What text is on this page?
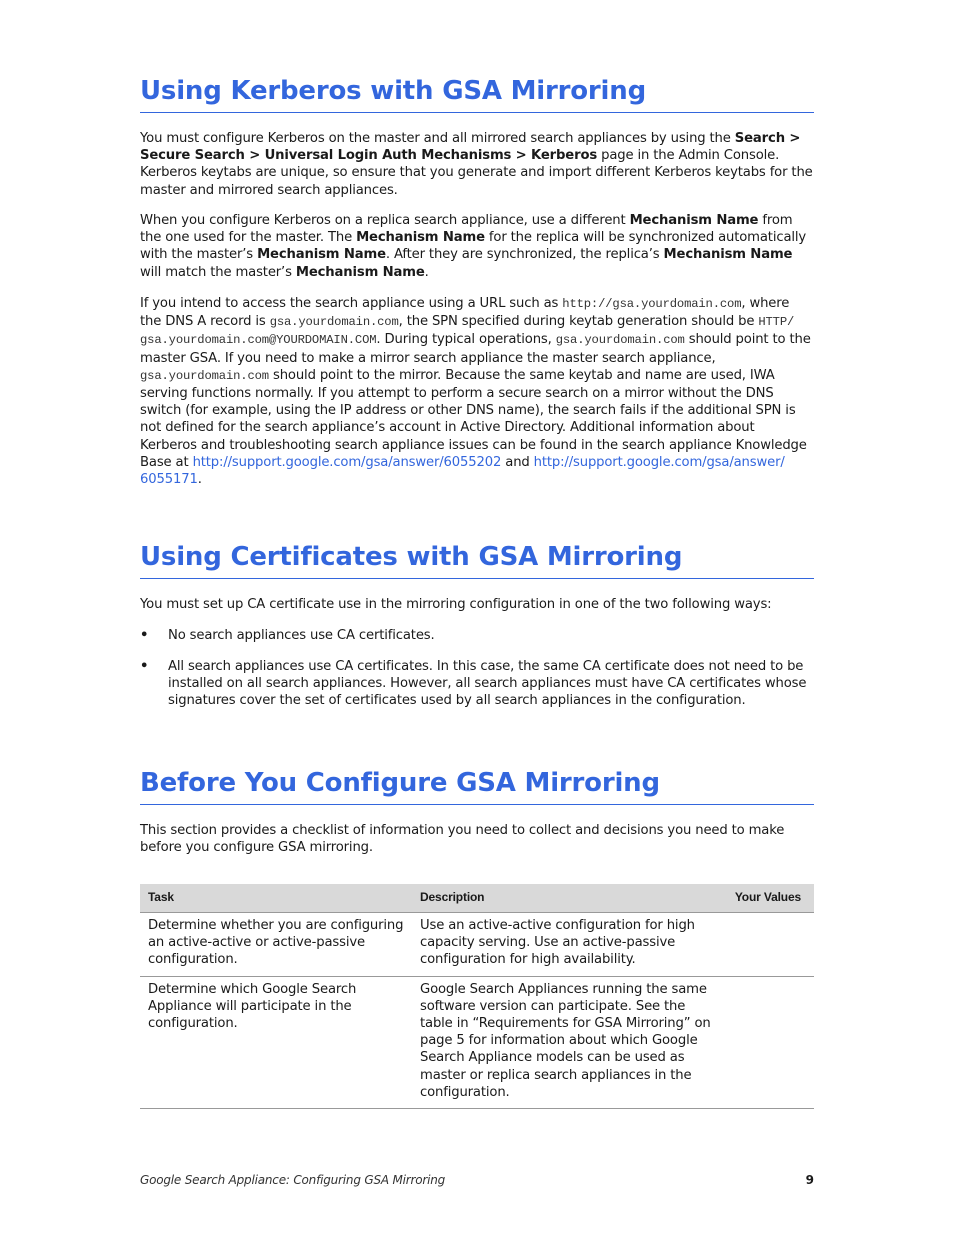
Using Kerberos with GSA Mirroring

You must configure Kerberos on the master and all mirrored search appliances by using the Search > Secure Search > Universal Login Auth Mechanisms > Kerberos page in the Admin Console. Kerberos keytabs are unique, so ensure that you generate and import different Kerberos keytabs for the master and mirrored search appliances.

When you configure Kerberos on a replica search appliance, use a different Mechanism Name from the one used for the master. The Mechanism Name for the replica will be synchronized automatically with the master’s Mechanism Name. After they are synchronized, the replica’s Mechanism Name will match the master’s Mechanism Name.

If you intend to access the search appliance using a URL such as http://gsa.yourdomain.com, where the DNS A record is gsa.yourdomain.com, the SPN specified during keytab generation should be HTTP/ gsa.yourdomain.com@YOURDOMAIN.COM. During typical operations, gsa.yourdomain.com should point to the master GSA. If you need to make a mirror search appliance the master search appliance, gsa.yourdomain.com should point to the mirror. Because the same keytab and name are used, IWA serving functions normally. If you attempt to perform a secure search on a mirror without the DNS switch (for example, using the IP address or other DNS name), the search fails if the additional SPN is not defined for the search appliance’s account in Active Directory. Additional information about Kerberos and troubleshooting search appliance issues can be found in the search appliance Knowledge Base at http://support.google.com/gsa/answer/6055202 and http://support.google.com/gsa/answer/ 6055171.

Using Certificates with GSA Mirroring

You must set up CA certificate use in the mirroring configuration in one of the two following ways:

• No search appliances use CA certificates.
• All search appliances use CA certificates. In this case, the same CA certificate does not need to be installed on all search appliances. However, all search appliances must have CA certificates whose signatures cover the set of certificates used by all search appliances in the configuration.
Before You Configure GSA Mirroring

This section provides a checklist of information you need to collect and decisions you need to make before you configure GSA mirroring.

Task	Description	Your Values
Determine whether you are configuring an active-active or active-passive configuration.	Use an active-active configuration for high capacity serving. Use an active-passive configuration for high availability.	
Determine which Google Search Appliance will participate in the configuration.	Google Search Appliances running the same software version can participate. See the table in “Requirements for GSA Mirroring” on page 5 for information about which Google Search Appliance models can be used as master or replica search appliances in the configuration.	
Google Search Appliance: Configuring GSA Mirroring	9
